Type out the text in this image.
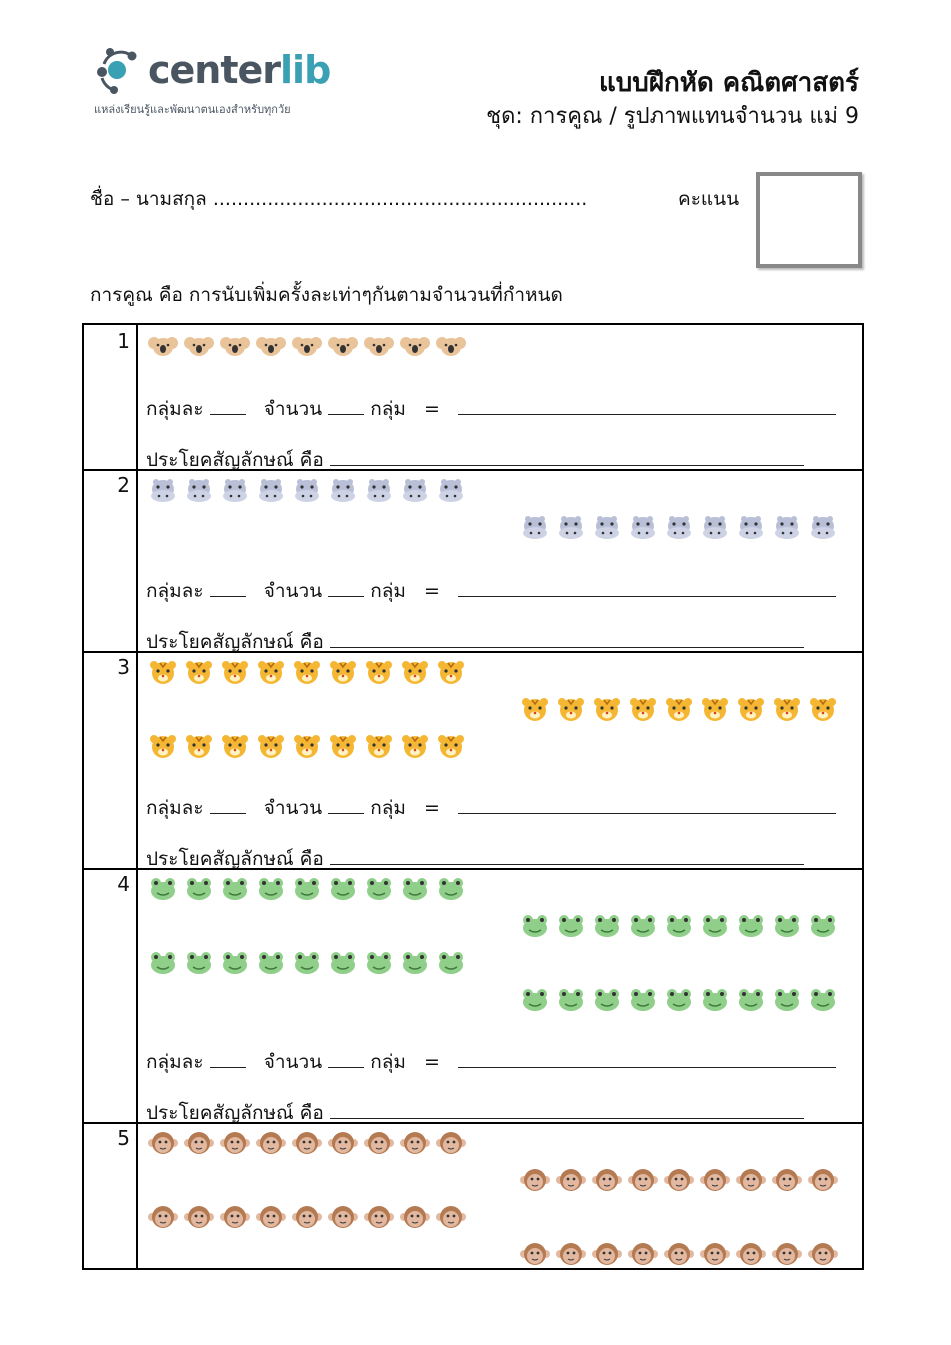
centerlib
แหล่งเรียนรู้และพัฒนาตนเองสำหรับทุกวัย
แบบฝึกหัด คณิตศาสตร์
ชุด: การคูณ / รูปภาพแทนจำนวน แม่ 9
ชื่อ – นามสกุล ..............................................................	คะแนน
การคูณ คือ การนับเพิ่มครั้งละเท่าๆกันตามจำนวนที่กำหนด
1
กลุ่มละ	จำนวน	กลุ่ม =
ประโยคสัญลักษณ์ คือ
2
กลุ่มละ	จำนวน	กลุ่ม =
ประโยคสัญลักษณ์ คือ
3
กลุ่มละ	จำนวน	กลุ่ม =
ประโยคสัญลักษณ์ คือ
4
กลุ่มละ	จำนวน	กลุ่ม =
ประโยคสัญลักษณ์ คือ
5
